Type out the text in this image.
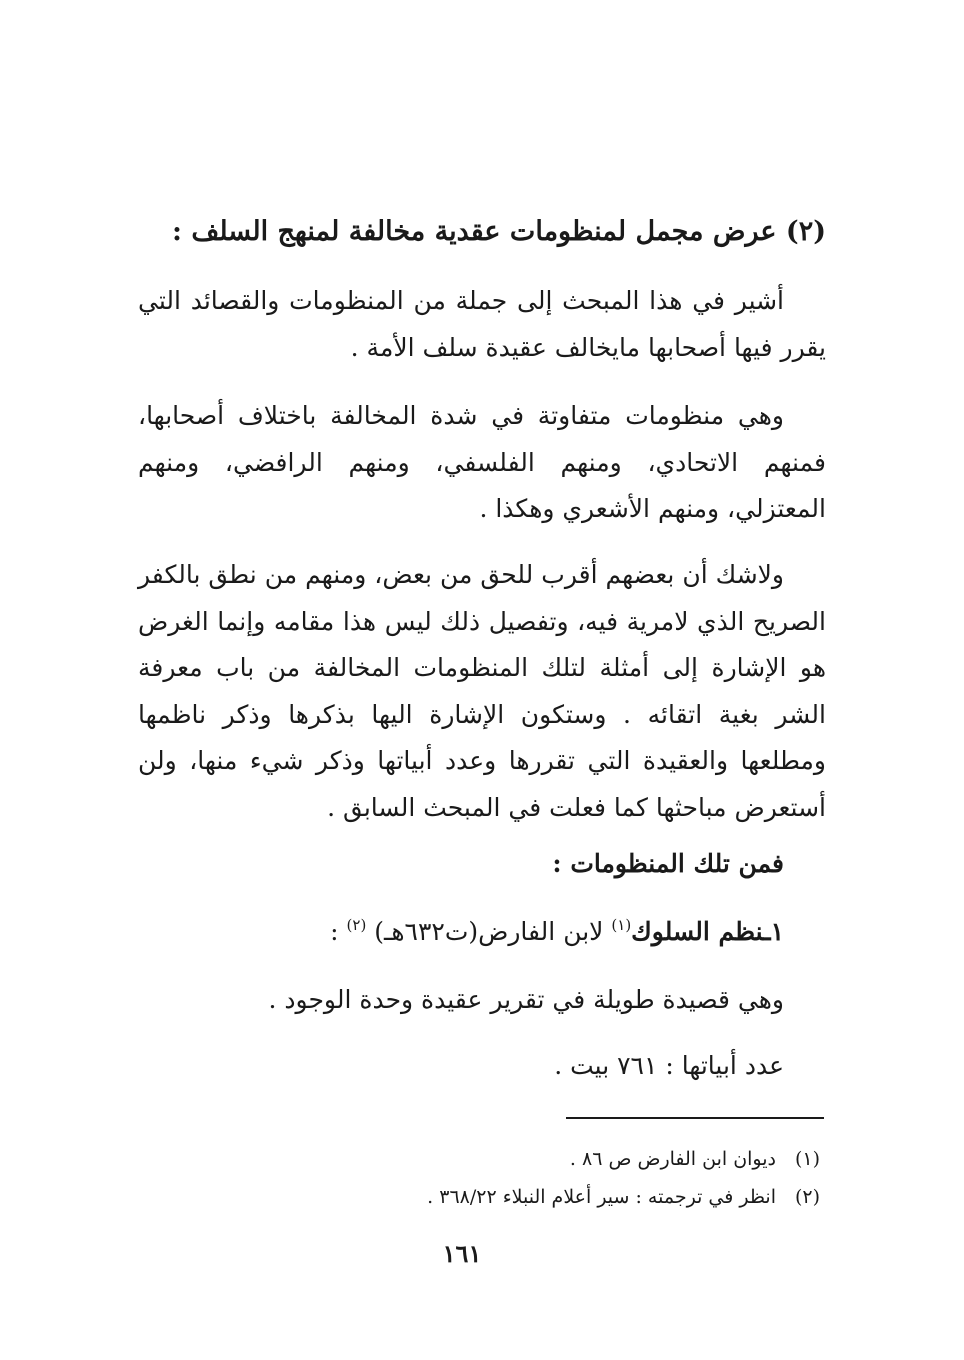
(٢) عرض مجمل لمنظومات عقدية مخالفة لمنهج السلف :
أشير في هذا المبحث إلى جملة من المنظومات والقصائد التي يقرر فيها أصحابها مايخالف عقيدة سلف الأمة .
وهي منظومات متفاوتة في شدة المخالفة باختلاف أصحابها، فمنهم الاتحادي، ومنهم الفلسفي، ومنهم الرافضي، ومنهم المعتزلي، ومنهم الأشعري وهكذا .
ولاشك أن بعضهم أقرب للحق من بعض، ومنهم من نطق بالكفر الصريح الذي لامرية فيه، وتفصيل ذلك ليس هذا مقامه وإنما الغرض هو الإشارة إلى أمثلة لتلك المنظومات المخالفة من باب معرفة الشر بغية اتقائه . وستكون الإشارة اليها بذكرها وذكر ناظمها ومطلعها والعقيدة التي تقررها وعدد أبياتها وذكر شيء منها، ولن أستعرض مباحثها كما فعلت في المبحث السابق .
فمن تلك المنظومات :
١ـنظم السلوك$^{(١)}$ لابن الفارض(ت٦٣٢هـ) $^{(٢)}$ :
وهي قصيدة طويلة في تقرير عقيدة وحدة الوجود .
عدد أبياتها : ٧٦١ بيت .
(١)ديوان ابن الفارض ص ٨٦ .
(٢)انظر في ترجمته : سير أعلام النبلاء ٣٦٨/٢٢ .
١٦١
